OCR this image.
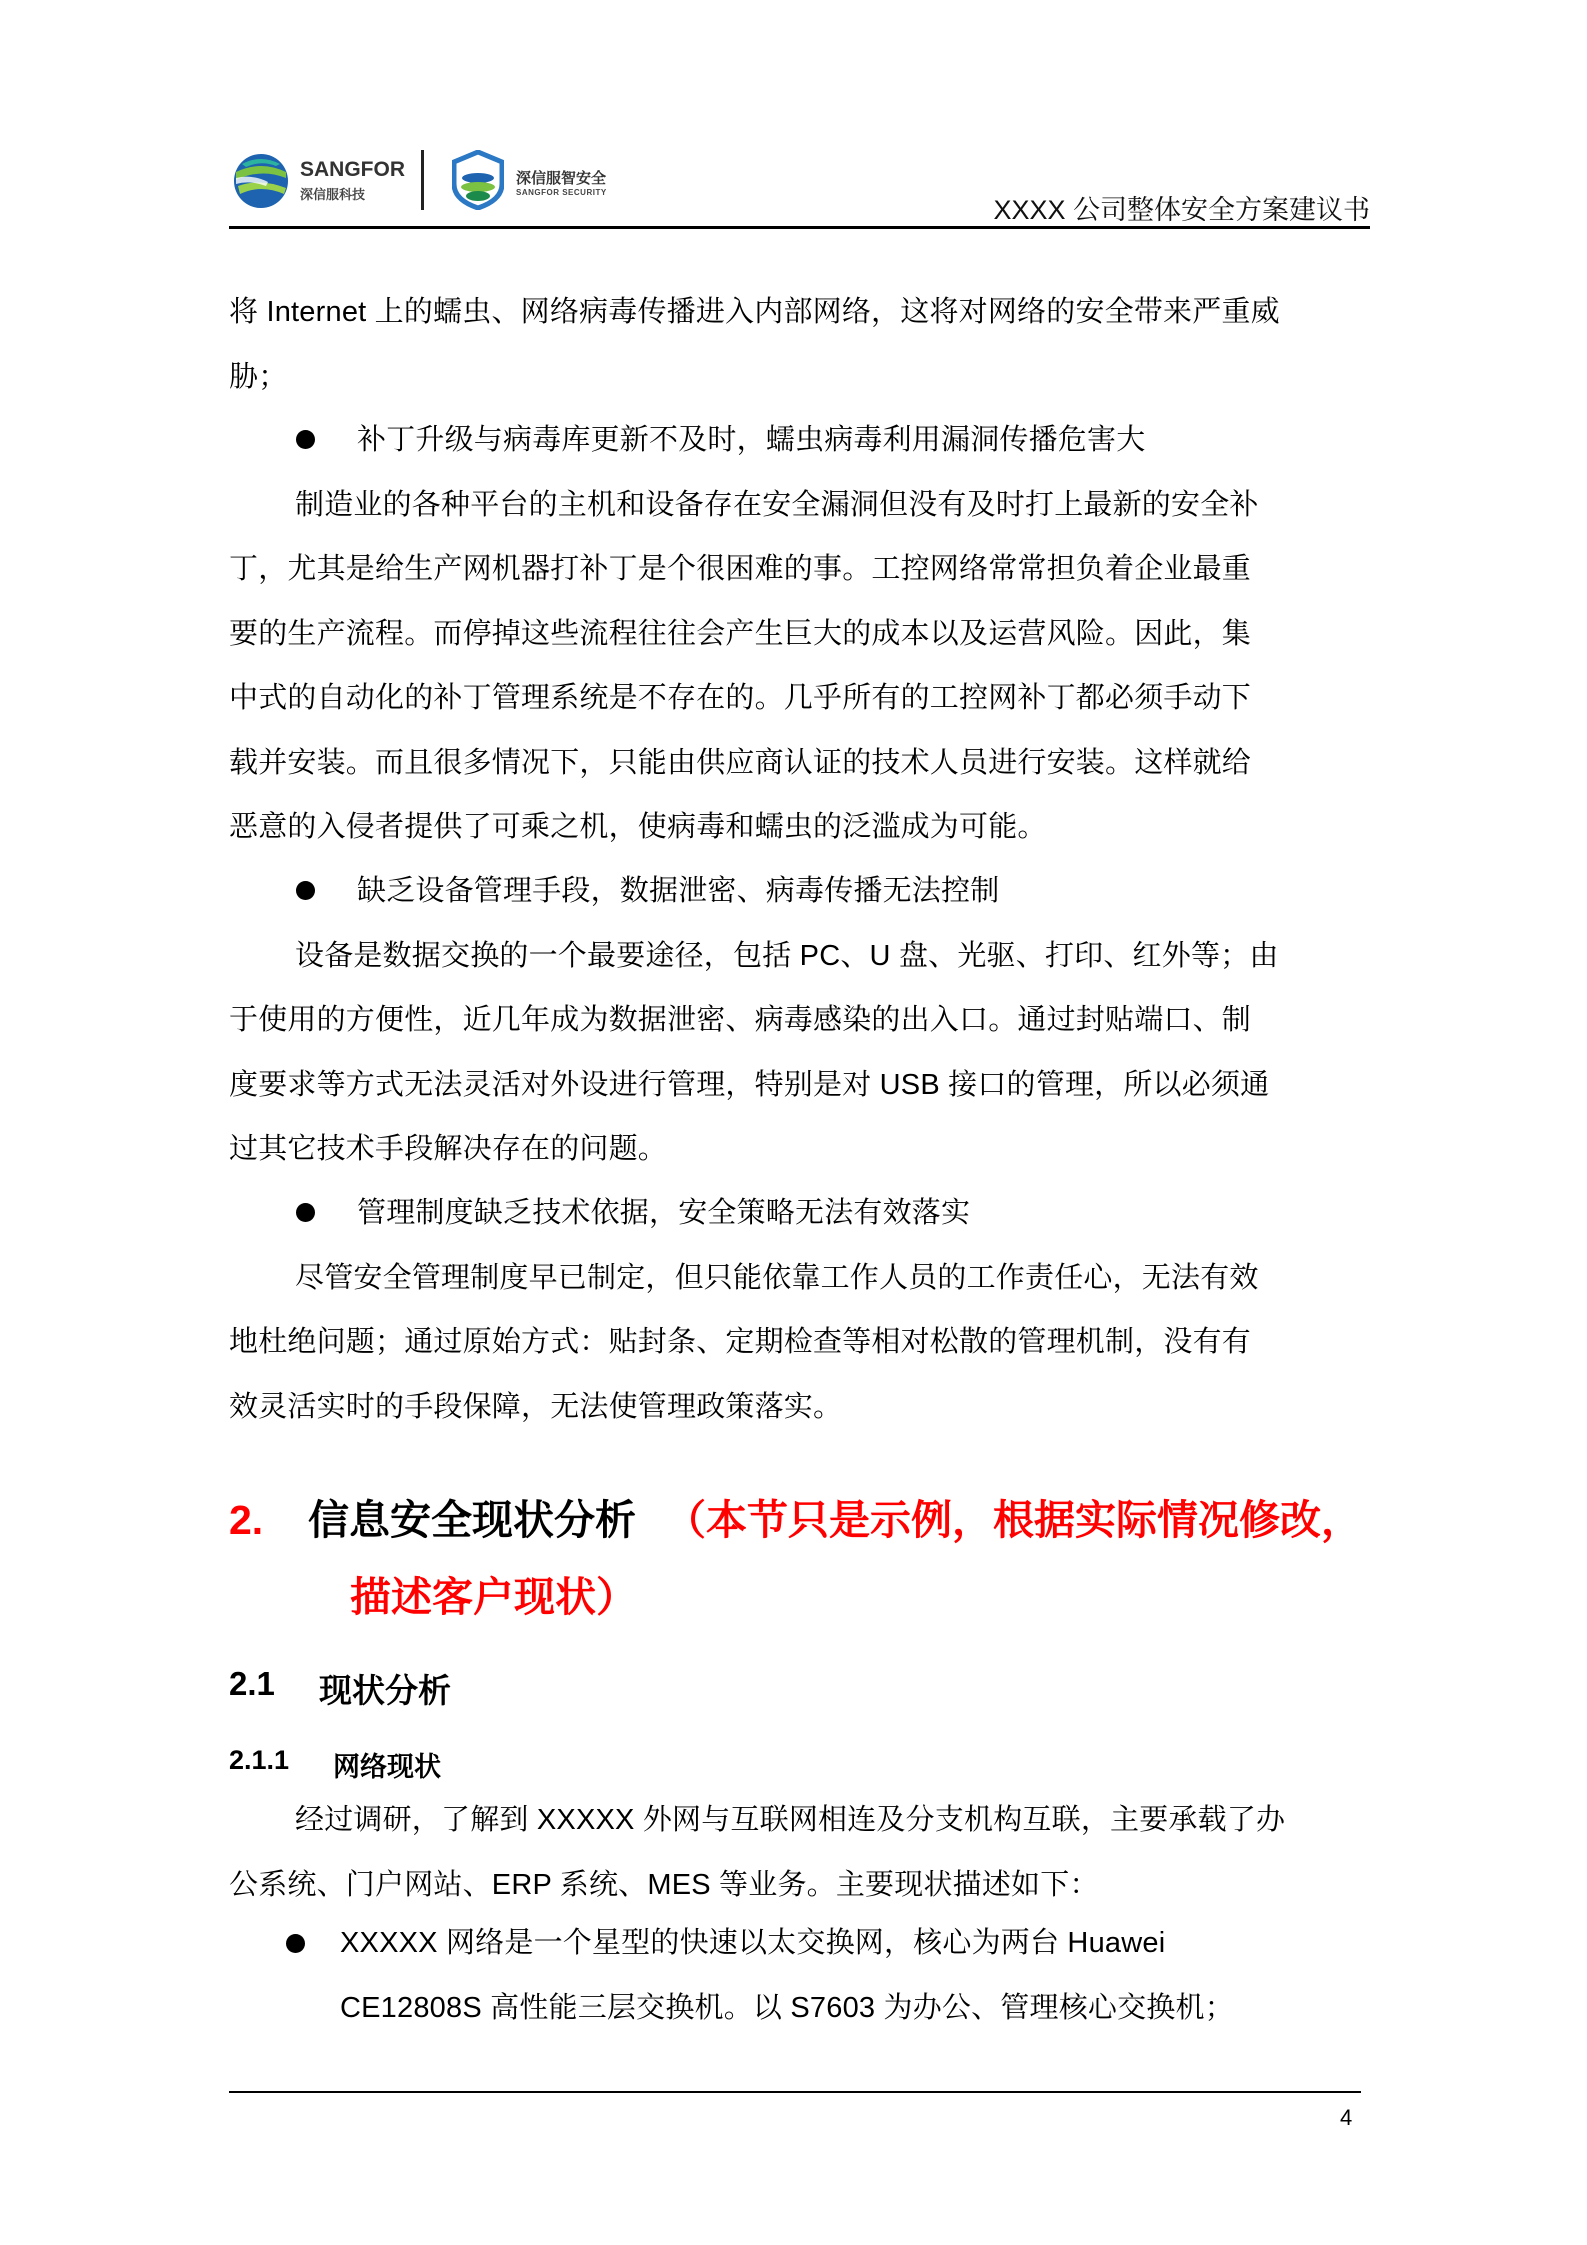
SANGFOR
深信服科技
深信服智安全
SANGFOR SECURITY
XXXX 公司整体安全方案建议书
将 Internet 上的蠕虫、网络病毒传播进入内部网络，这将对网络的安全带来严重威
胁；
补丁升级与病毒库更新不及时，蠕虫病毒利用漏洞传播危害大
制造业的各种平台的主机和设备存在安全漏洞但没有及时打上最新的安全补
丁，尤其是给生产网机器打补丁是个很困难的事。工控网络常常担负着企业最重
要的生产流程。而停掉这些流程往往会产生巨大的成本以及运营风险。因此，集
中式的自动化的补丁管理系统是不存在的。几乎所有的工控网补丁都必须手动下
载并安装。而且很多情况下，只能由供应商认证的技术人员进行安装。这样就给
恶意的入侵者提供了可乘之机，使病毒和蠕虫的泛滥成为可能。
缺乏设备管理手段，数据泄密、病毒传播无法控制
设备是数据交换的一个最要途径，包括 PC、U 盘、光驱、打印、红外等；由
于使用的方便性，近几年成为数据泄密、病毒感染的出入口。通过封贴端口、制
度要求等方式无法灵活对外设进行管理，特别是对 USB 接口的管理，所以必须通
过其它技术手段解决存在的问题。
管理制度缺乏技术依据，安全策略无法有效落实
尽管安全管理制度早已制定，但只能依靠工作人员的工作责任心，无法有效
地杜绝问题；通过原始方式：贴封条、定期检查等相对松散的管理机制，没有有
效灵活实时的手段保障，无法使管理政策落实。
2. 信息安全现状分析 （本节只是示例，根据实际情况修改，
描述客户现状）
2.1 现状分析
2.1.1 网络现状
经过调研，了解到 XXXXX 外网与互联网相连及分支机构互联，主要承载了办
公系统、门户网站、ERP 系统、MES 等业务。主要现状描述如下：
XXXXX 网络是一个星型的快速以太交换网，核心为两台 Huawei
CE12808S 高性能三层交换机。以 S7603 为办公、管理核心交换机；
4
